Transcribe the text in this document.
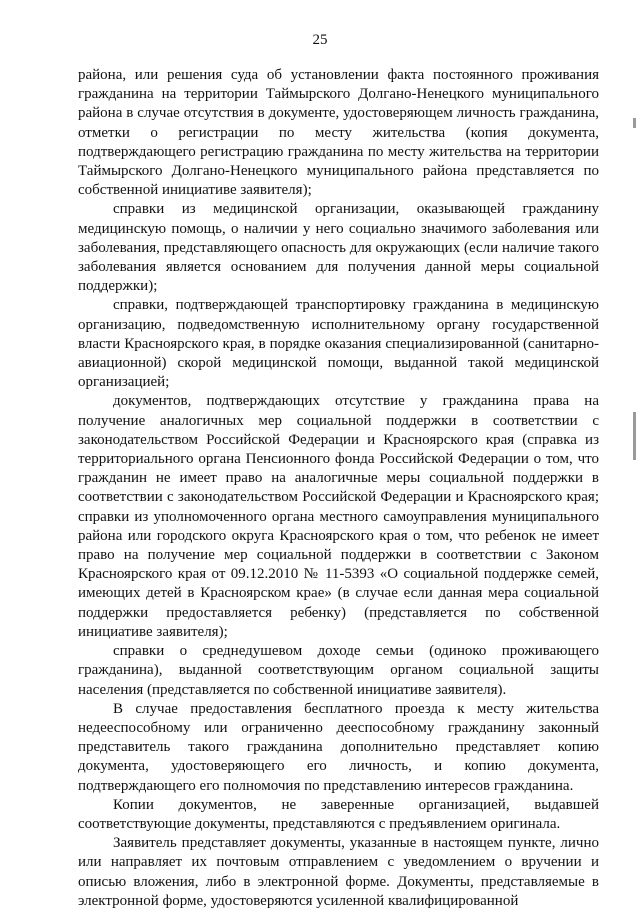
25

района, или решения суда об установлении факта постоянного проживания гражданина на территории Таймырского Долгано-Ненецкого муниципального района в случае отсутствия в документе, удостоверяющем личность гражданина, отметки о регистрации по месту жительства (копия документа, подтверждающего регистрацию гражданина по месту жительства на территории Таймырского Долгано-Ненецкого муниципального района представляется по собственной инициативе заявителя);

справки из медицинской организации, оказывающей гражданину медицинскую помощь, о наличии у него социально значимого заболевания или заболевания, представляющего опасность для окружающих (если наличие такого заболевания является основанием для получения данной меры социальной поддержки);

справки, подтверждающей транспортировку гражданина в медицинскую организацию, подведомственную исполнительному органу государственной власти Красноярского края, в порядке оказания специализированной (санитарно-авиационной) скорой медицинской помощи, выданной такой медицинской организацией;

документов, подтверждающих отсутствие у гражданина права на получение аналогичных мер социальной поддержки в соответствии с законодательством Российской Федерации и Красноярского края (справка из территориального органа Пенсионного фонда Российской Федерации о том, что гражданин не имеет право на аналогичные меры социальной поддержки в соответствии с законодательством Российской Федерации и Красноярского края; справки из уполномоченного органа местного самоуправления муниципального района или городского округа Красноярского края о том, что ребенок не имеет право на получение мер социальной поддержки в соответствии с Законом Красноярского края от 09.12.2010 № 11-5393 «О социальной поддержке семей, имеющих детей в Красноярском крае» (в случае если данная мера социальной поддержки предоставляется ребенку) (представляется по собственной инициативе заявителя);

справки о среднедушевом доходе семьи (одиноко проживающего гражданина), выданной соответствующим органом социальной защиты населения (представляется по собственной инициативе заявителя).

В случае предоставления бесплатного проезда к месту жительства недееспособному или ограниченно дееспособному гражданину законный представитель такого гражданина дополнительно представляет копию документа, удостоверяющего его личность, и копию документа, подтверждающего его полномочия по представлению интересов гражданина.

Копии документов, не заверенные организацией, выдавшей соответствующие документы, представляются с предъявлением оригинала.

Заявитель представляет документы, указанные в настоящем пункте, лично или направляет их почтовым отправлением с уведомлением о вручении и описью вложения, либо в электронной форме. Документы, представляемые в электронной форме, удостоверяются усиленной квалифицированной
